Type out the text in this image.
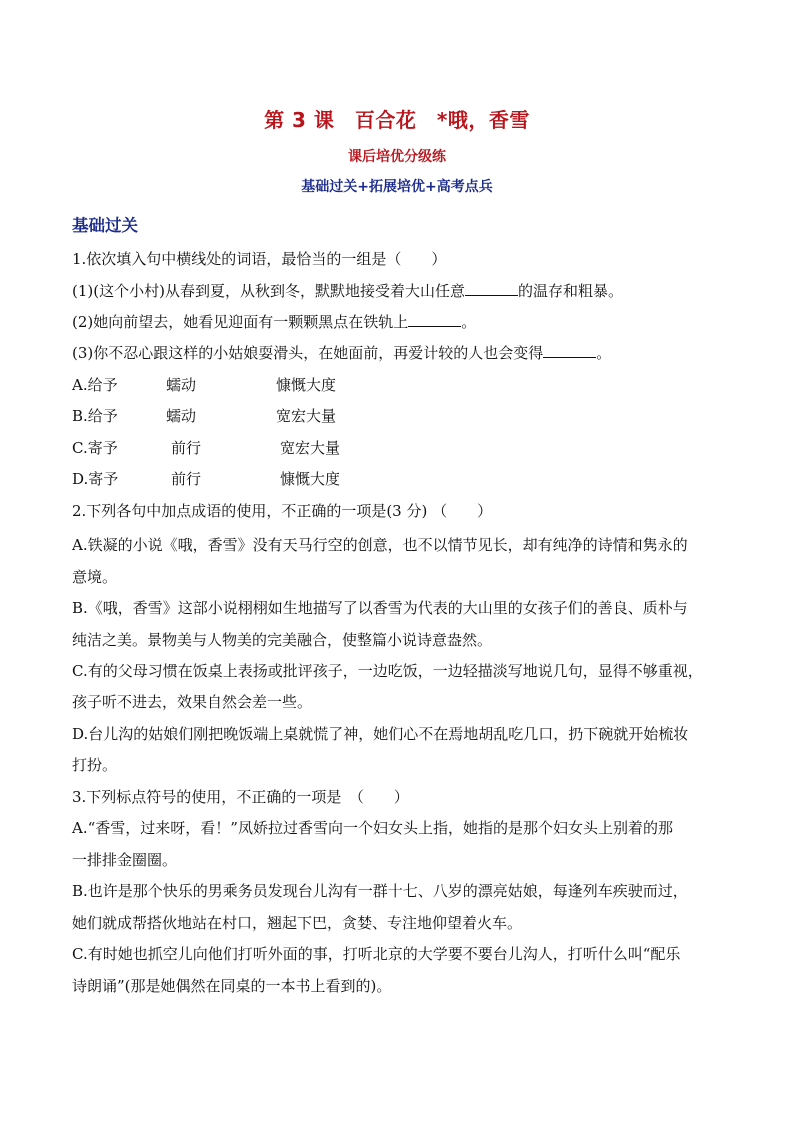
第 3 课　百合花　*哦，香雪
课后培优分级练
基础过关+拓展培优+高考点兵
基础过关
1.依次填入句中横线处的词语，最恰当的一组是（　　）
(1)(这个小村)从春到夏，从秋到冬，默默地接受着大山任意	的温存和粗暴。
(2)她向前望去，她看见迎面有一颗颗黑点在铁轨上	。
(3)你不忍心跟这样的小姑娘耍滑头，在她面前，再爱计较的人也会变得	。
A.给予	蠕动	慷慨大度
B.给予	蠕动	宽宏大量
C.寄予	前行	宽宏大量
D.寄予	前行	慷慨大度
2.下列各句中加点成语的使用，不正确的一项是(3 分) （　　）
A.铁凝的小说《哦，香雪》没有天马行空的创意，也不以情节见长，却有纯净的诗情和隽永的
意境。
B.《哦，香雪》这部小说栩栩如生地描写了以香雪为代表的大山里的女孩子们的善良、质朴与
纯洁之美。景物美与人物美的完美融合，使整篇小说诗意盎然。
C.有的父母习惯在饭桌上表扬或批评孩子，一边吃饭，一边轻描淡写地说几句，显得不够重视，
孩子听不进去，效果自然会差一些。
D.台儿沟的姑娘们刚把晚饭端上桌就慌了神，她们心不在焉地胡乱吃几口，扔下碗就开始梳妆
打扮。
3.下列标点符号的使用，不正确的一项是　（　　）
A.“香雪，过来呀，看！”凤娇拉过香雪向一个妇女头上指，她指的是那个妇女头上别着的那
一排排金圈圈。
B.也许是那个快乐的男乘务员发现台儿沟有一群十七、八岁的漂亮姑娘，每逢列车疾驶而过，
她们就成帮搭伙地站在村口，翘起下巴，贪婪、专注地仰望着火车。
C.有时她也抓空儿向他们打听外面的事，打听北京的大学要不要台儿沟人，打听什么叫“配乐
诗朗诵”(那是她偶然在同桌的一本书上看到的)。
